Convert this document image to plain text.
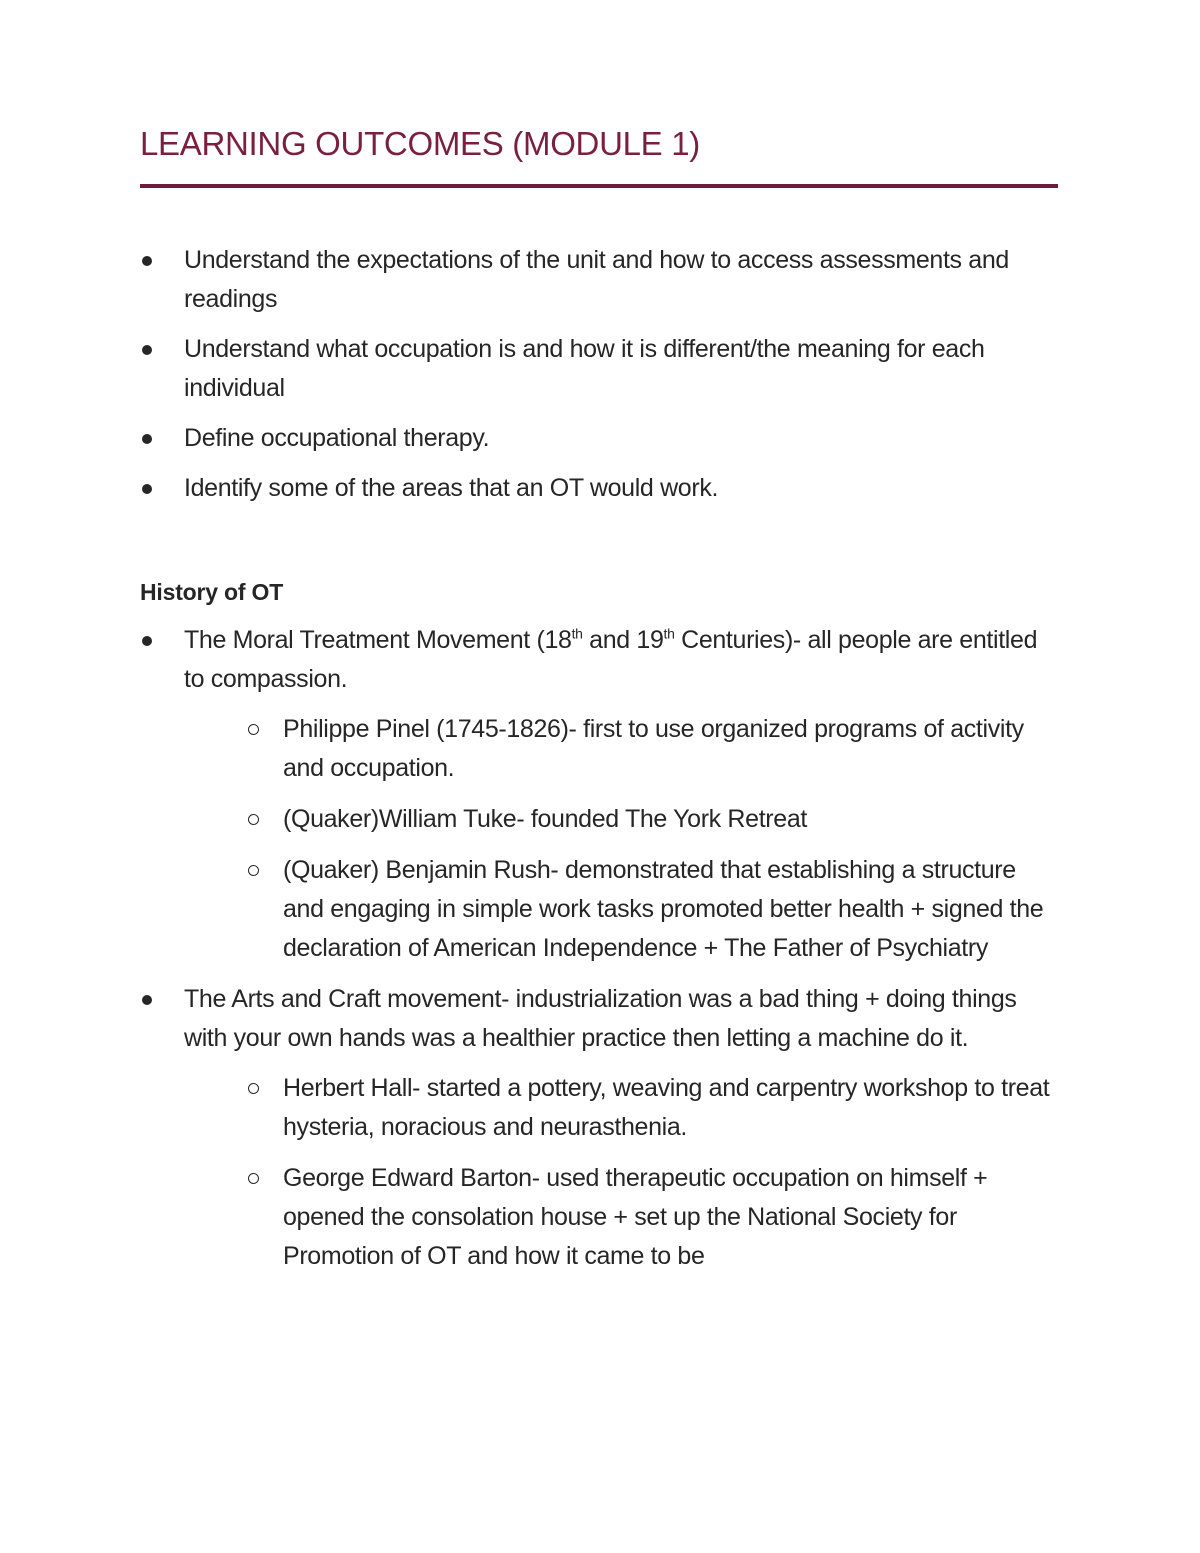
LEARNING OUTCOMES (MODULE 1)
Understand the expectations of the unit and how to access assessments and readings
Understand what occupation is and how it is different/the meaning for each individual
Define occupational therapy.
Identify some of the areas that an OT would work.
History of OT
The Moral Treatment Movement (18th and 19th Centuries)- all people are entitled to compassion.
Philippe Pinel (1745-1826)- first to use organized programs of activity and occupation.
(Quaker)William Tuke- founded The York Retreat
(Quaker) Benjamin Rush- demonstrated that establishing a structure and engaging in simple work tasks promoted better health + signed the declaration of American Independence + The Father of Psychiatry
The Arts and Craft movement- industrialization was a bad thing + doing things with your own hands was a healthier practice then letting a machine do it.
Herbert Hall- started a pottery, weaving and carpentry workshop to treat hysteria, noracious and neurasthenia.
George Edward Barton- used therapeutic occupation on himself + opened the consolation house + set up the National Society for Promotion of OT and how it came to be
